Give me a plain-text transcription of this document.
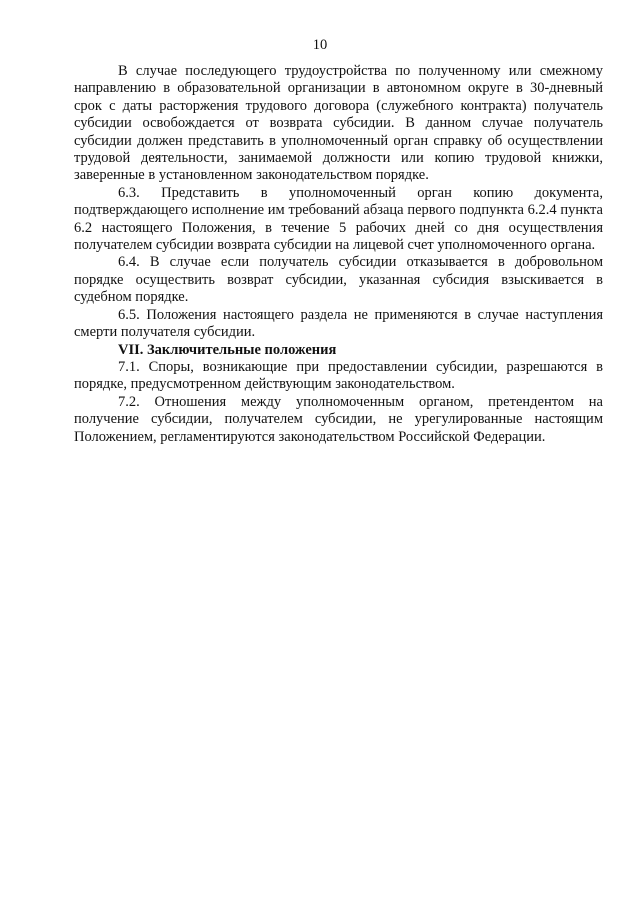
10

В случае последующего трудоустройства по полученному или смежному направлению в образовательной организации в автономном округе в 30-дневный срок с даты расторжения трудового договора (служебного контракта) получатель субсидии освобождается от возврата субсидии. В данном случае получатель субсидии должен представить в уполномоченный орган справку об осуществлении трудовой деятельности, занимаемой должности или копию трудовой книжки, заверенные в установленном законодательством порядке.

6.3. Представить в уполномоченный орган копию документа, подтверждающего исполнение им требований абзаца первого подпункта 6.2.4 пункта 6.2 настоящего Положения, в течение 5 рабочих дней со дня осуществления получателем субсидии возврата субсидии на лицевой счет уполномоченного органа.

6.4. В случае если получатель субсидии отказывается в добровольном порядке осуществить возврат субсидии, указанная субсидия взыскивается в судебном порядке.

6.5. Положения настоящего раздела не применяются в случае наступления смерти получателя субсидии.

VII. Заключительные положения

7.1. Споры, возникающие при предоставлении субсидии, разрешаются в порядке, предусмотренном действующим законодательством.

7.2. Отношения между уполномоченным органом, претендентом на получение субсидии, получателем субсидии, не урегулированные настоящим Положением, регламентируются законодательством Российской Федерации.
